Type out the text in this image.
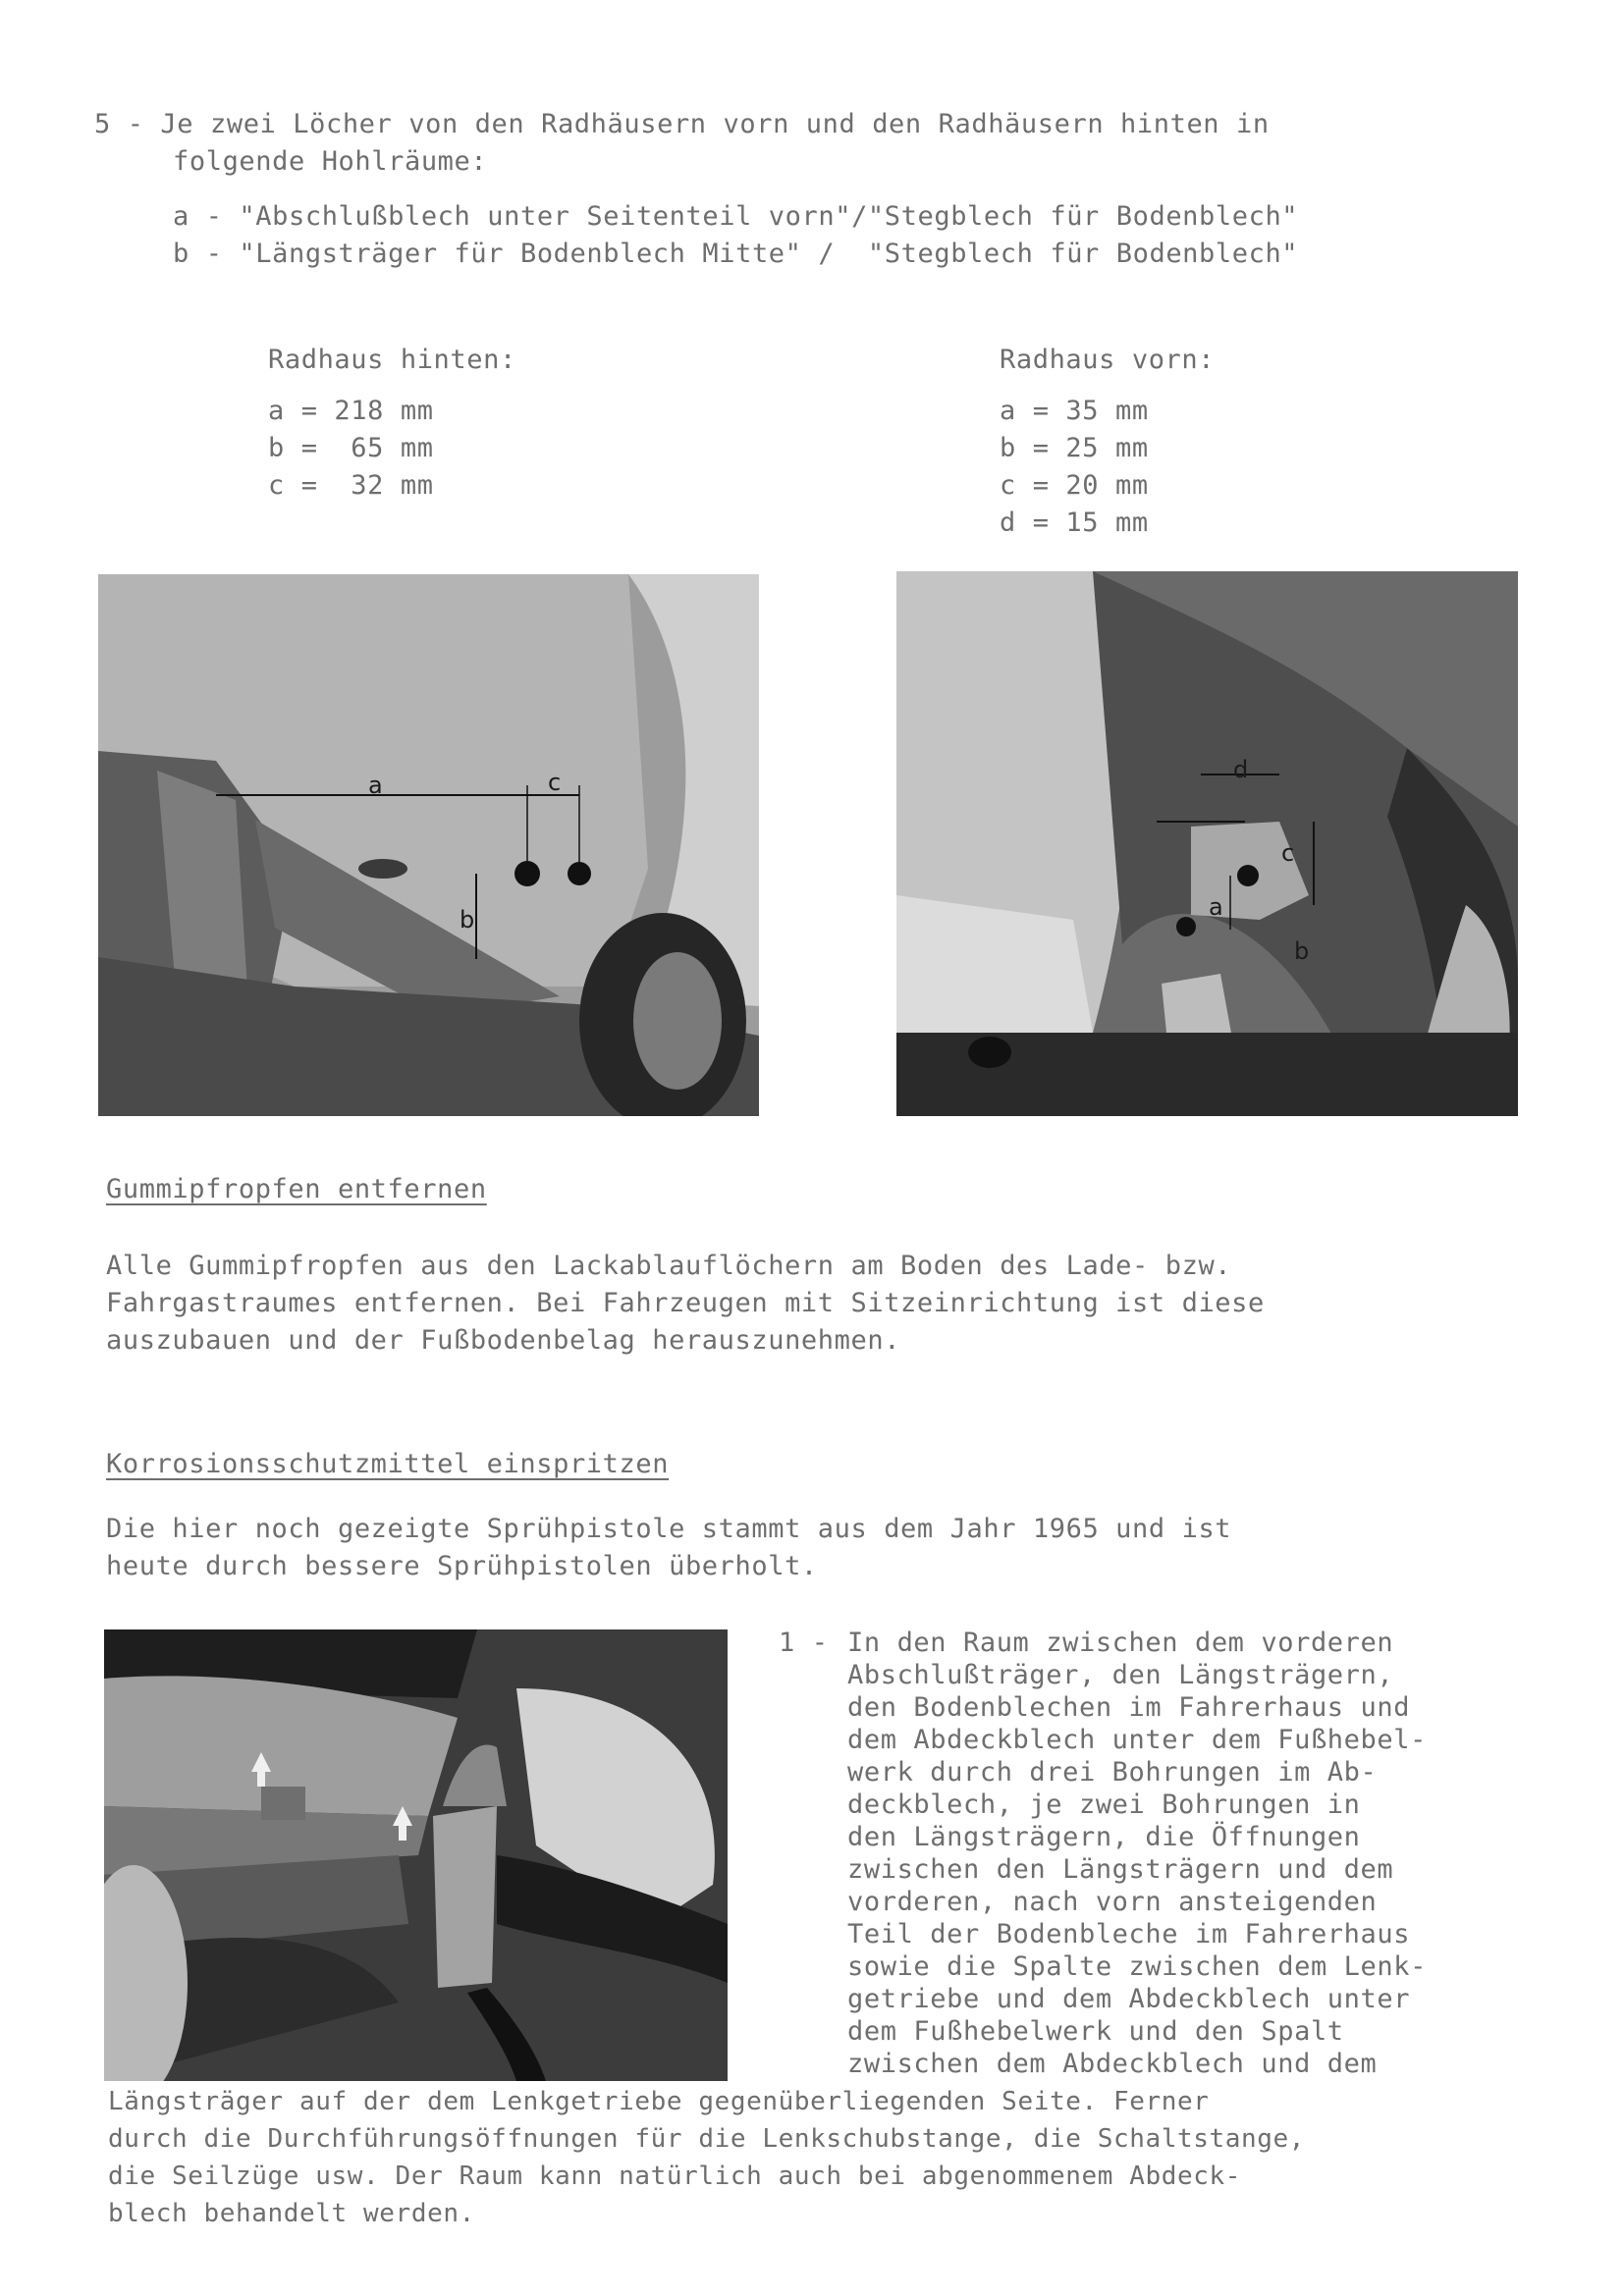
5 - Je zwei Löcher von den Radhäusern vorn und den Radhäusern hinten in
folgende Hohlräume:
a - "Abschlußblech unter Seitenteil vorn"/"Stegblech für Bodenblech"
b - "Längsträger für Bodenblech Mitte" /  "Stegblech für Bodenblech"
Radhaus hinten:
a = 218 mm
b =  65 mm
c =  32 mm
Radhaus vorn:
a = 35 mm
b = 25 mm
c = 20 mm
d = 15 mm
a	c
b
d
c
a
b
Gummipfropfen entfernen
Alle Gummipfropfen aus den Lackablauflöchern am Boden des Lade- bzw.
Fahrgastraumes entfernen. Bei Fahrzeugen mit Sitzeinrichtung ist diese
auszubauen und der Fußbodenbelag herauszunehmen.
Korrosionsschutzmittel einspritzen
Die hier noch gezeigte Sprühpistole stammt aus dem Jahr 1965 und ist
heute durch bessere Sprühpistolen überholt.
1 - In den Raum zwischen dem vorderen
Abschlußträger, den Längsträgern,
den Bodenblechen im Fahrerhaus und
dem Abdeckblech unter dem Fußhebel-
werk durch drei Bohrungen im Ab-
deckblech, je zwei Bohrungen in
den Längsträgern, die Öffnungen
zwischen den Längsträgern und dem
vorderen, nach vorn ansteigenden
Teil der Bodenbleche im Fahrerhaus
sowie die Spalte zwischen dem Lenk-
getriebe und dem Abdeckblech unter
dem Fußhebelwerk und den Spalt
zwischen dem Abdeckblech und dem
Längsträger auf der dem Lenkgetriebe gegenüberliegenden Seite. Ferner
durch die Durchführungsöffnungen für die Lenkschubstange, die Schaltstange,
die Seilzüge usw. Der Raum kann natürlich auch bei abgenommenem Abdeck-
blech behandelt werden.
